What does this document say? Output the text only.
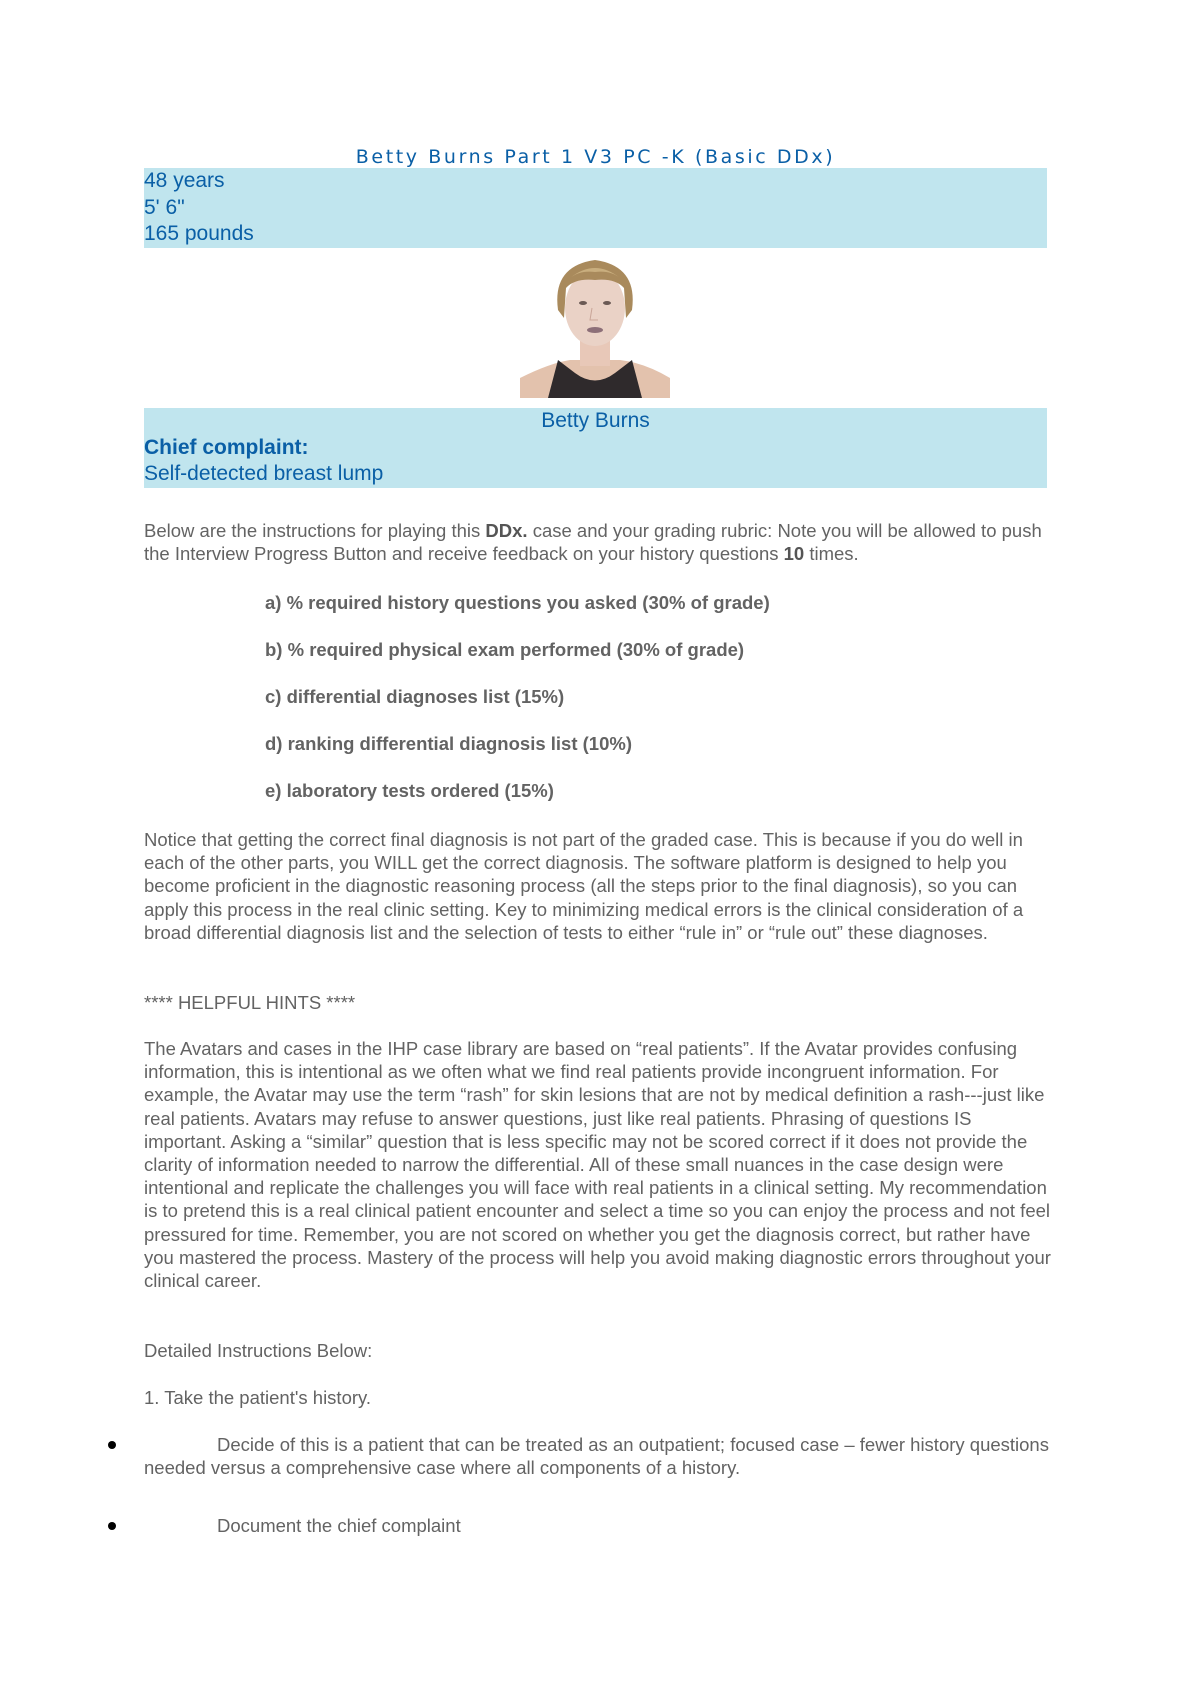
Betty Burns Part 1 V3 PC -K (Basic DDx)
48 years
5' 6"
165 pounds
Betty Burns
Chief complaint:
Self-detected breast lump
Below are the instructions for playing this DDx. case and your grading rubric: Note you will be allowed to push the Interview Progress Button and receive feedback on your history questions 10 times.
a) % required history questions you asked (30% of grade)
b) % required physical exam performed (30% of grade)
c) differential diagnoses list (15%)
d) ranking differential diagnosis list (10%)
e) laboratory tests ordered (15%)
Notice that getting the correct final diagnosis is not part of the graded case. This is because if you do well in each of the other parts, you WILL get the correct diagnosis. The software platform is designed to help you become proficient in the diagnostic reasoning process (all the steps prior to the final diagnosis), so you can apply this process in the real clinic setting. Key to minimizing medical errors is the clinical consideration of a broad differential diagnosis list and the selection of tests to either “rule in” or “rule out” these diagnoses.
**** HELPFUL HINTS ****
The Avatars and cases in the IHP case library are based on “real patients”. If the Avatar provides confusing information, this is intentional as we often what we find real patients provide incongruent information. For example, the Avatar may use the term “rash” for skin lesions that are not by medical definition a rash---just like real patients. Avatars may refuse to answer questions, just like real patients. Phrasing of questions IS important. Asking a “similar” question that is less specific may not be scored correct if it does not provide the clarity of information needed to narrow the differential. All of these small nuances in the case design were intentional and replicate the challenges you will face with real patients in a clinical setting. My recommendation is to pretend this is a real clinical patient encounter and select a time so you can enjoy the process and not feel pressured for time. Remember, you are not scored on whether you get the diagnosis correct, but rather have you mastered the process. Mastery of the process will help you avoid making diagnostic errors throughout your clinical career.
Detailed Instructions Below:
1. Take the patient's history.
Decide of this is a patient that can be treated as an outpatient; focused case – fewer history questions needed versus a comprehensive case where all components of a history.
Document the chief complaint
